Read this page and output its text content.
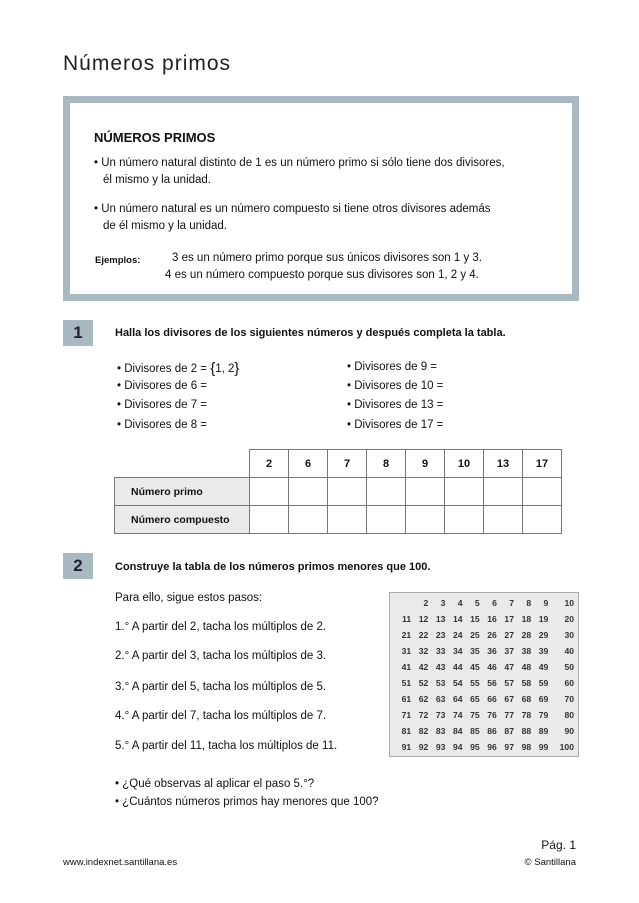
Números primos
NÚMEROS PRIMOS
• Un número natural distinto de 1 es un número primo si sólo tiene dos divisores,
él mismo y la unidad.
• Un número natural es un número compuesto si tiene otros divisores además
de él mismo y la unidad.
Ejemplos:	3 es un número primo porque sus únicos divisores son 1 y 3.
4 es un número compuesto porque sus divisores son 1, 2 y 4.
1	Halla los divisores de los siguientes números y después completa la tabla.
• Divisores de 2 = {1, 2}
• Divisores de 6 =
• Divisores de 7 =
• Divisores de 8 =
• Divisores de 9 =
• Divisores de 10 =
• Divisores de 13 =
• Divisores de 17 =
	2	6	7	8	9	10	13	17
Número primo								
Número compuesto								
2	Construye la tabla de los números primos menores que 100.
Para ello, sigue estos pasos:
1.° A partir del 2, tacha los múltiplos de 2.
2.° A partir del 3, tacha los múltiplos de 3.
3.° A partir del 5, tacha los múltiplos de 5.
4.° A partir del 7, tacha los múltiplos de 7.
5.° A partir del 11, tacha los múltiplos de 11.
	2	3	4	5	6	7	8	9	10
11	12	13	14	15	16	17	18	19	20
21	22	23	24	25	26	27	28	29	30
31	32	33	34	35	36	37	38	39	40
41	42	43	44	45	46	47	48	49	50
51	52	53	54	55	56	57	58	59	60
61	62	63	64	65	66	67	68	69	70
71	72	73	74	75	76	77	78	79	80
81	82	83	84	85	86	87	88	89	90
91	92	93	94	95	96	97	98	99	100
• ¿Qué observas al aplicar el paso 5.°?
• ¿Cuántos números primos hay menores que 100?
Pág. 1
www.indexnet.santillana.es	© Santillana
